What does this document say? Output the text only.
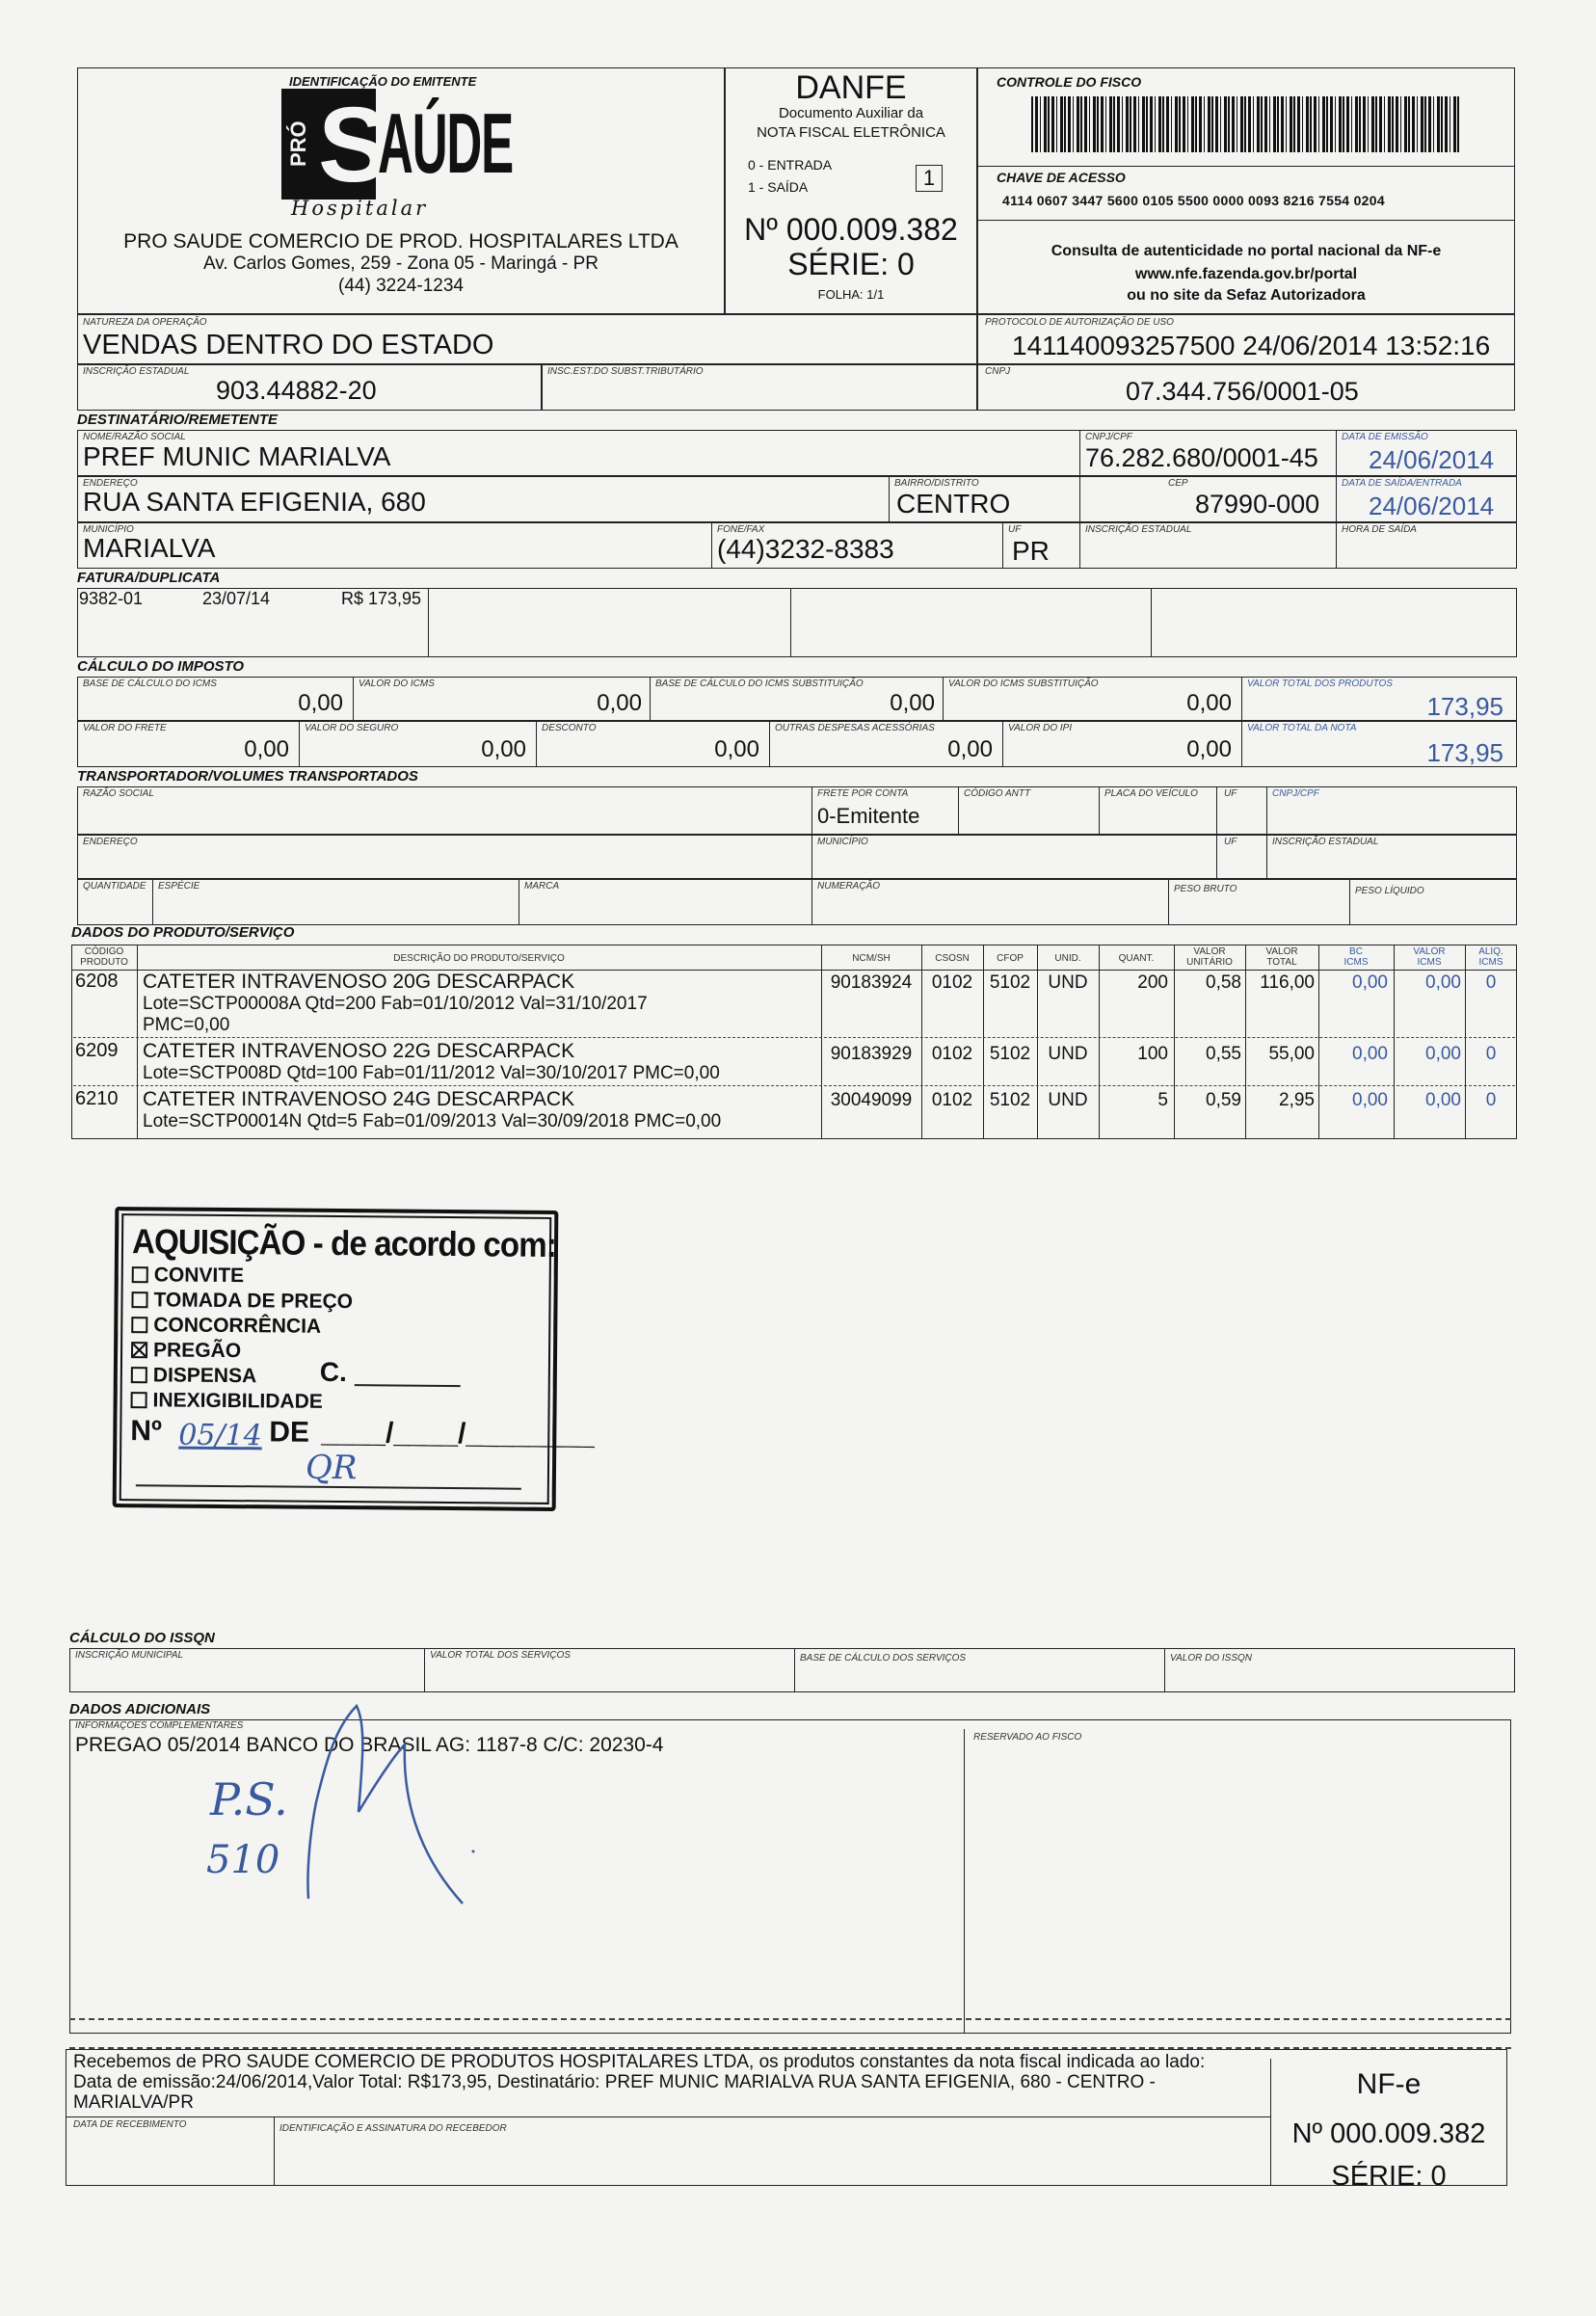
IDENTIFICAÇÃO DO EMITENTE
PRÓ S
AÚDE
Hospitalar
PRO SAUDE COMERCIO DE PROD. HOSPITALARES LTDA
Av. Carlos Gomes, 259 - Zona 05 - Maringá - PR
(44) 3224-1234
DANFE
Documento Auxiliar da
NOTA FISCAL ELETRÔNICA
0 - ENTRADA
1 - SAÍDA	1
Nº 000.009.382
SÉRIE: 0
FOLHA: 1/1
CONTROLE DO FISCO
CHAVE DE ACESSO
4114 0607 3447 5600 0105 5500 0000 0093 8216 7554 0204
Consulta de autenticidade no portal nacional da NF-e
www.nfe.fazenda.gov.br/portal
ou no site da Sefaz Autorizadora
NATUREZA DA OPERAÇÃO
VENDAS DENTRO DO ESTADO
PROTOCOLO DE AUTORIZAÇÃO DE USO
141140093257500 24/06/2014 13:52:16
INSCRIÇÃO ESTADUAL
903.44882-20
INSC.EST.DO SUBST.TRIBUTÁRIO	CNPJ
07.344.756/0001-05
DESTINATÁRIO/REMETENTE
NOME/RAZÃO SOCIAL
PREF MUNIC MARIALVA
CNPJ/CPF
76.282.680/0001-45
DATA DE EMISSÃO
24/06/2014
ENDEREÇO
RUA SANTA EFIGENIA, 680
BAIRRO/DISTRITO
CENTRO
CEP
87990-000
DATA DE SAÍDA/ENTRADA
24/06/2014
MUNICÍPIO
MARIALVA
FONE/FAX
(44)3232-8383
UF
PR
INSCRIÇÃO ESTADUAL	HORA DE SAÍDA
FATURA/DUPLICATA
9382-01	23/07/14	R$ 173,95
CÁLCULO DO IMPOSTO
BASE DE CÁLCULO DO ICMS
0,00
VALOR DO ICMS
0,00
BASE DE CÁLCULO DO ICMS SUBSTITUIÇÃO
0,00
VALOR DO ICMS SUBSTITUIÇÃO
0,00
VALOR TOTAL DOS PRODUTOS
173,95
VALOR DO FRETE
0,00
VALOR DO SEGURO
0,00
DESCONTO
0,00
OUTRAS DESPESAS ACESSÓRIAS
0,00
VALOR DO IPI
0,00
VALOR TOTAL DA NOTA
173,95
TRANSPORTADOR/VOLUMES TRANSPORTADOS
RAZÃO SOCIAL	FRETE POR CONTA
0-Emitente
CÓDIGO ANTT	PLACA DO VEÍCULO	UF	CNPJ/CPF
ENDEREÇO	MUNICÍPIO	UF	INSCRIÇÃO ESTADUAL
QUANTIDADE ESPÉCIE	MARCA	NUMERAÇÃO	PESO BRUTO	PESO LÍQUIDO
DADOS DO PRODUTO/SERVIÇO
CÓDIGO
PRODUTO	DESCRIÇÃO DO PRODUTO/SERVIÇO	NCM/SH	CSOSN	CFOP	UNID.	QUANT.
VALOR
UNITÁRIO
VALOR
TOTAL
BC
ICMS
VALOR
ICMS
ALIQ.
ICMS
6208 CATETER INTRAVENOSO 20G DESCARPACK
Lote=SCTP00008A Qtd=200 Fab=01/10/2012 Val=31/10/2017
PMC=0,00
90183924	0102 5102 UND	200	0,58	116,00	0,00	0,00	0
6209 CATETER INTRAVENOSO 22G DESCARPACK
Lote=SCTP008D Qtd=100 Fab=01/11/2012 Val=30/10/2017 PMC=0,00
90183929	0102 5102 UND	100	0,55	55,00	0,00	0,00	0
6210 CATETER INTRAVENOSO 24G DESCARPACK
Lote=SCTP00014N Qtd=5 Fab=01/09/2013 Val=30/09/2018 PMC=0,00
30049099	0102 5102 UND	5	0,59	2,95	0,00	0,00	0
AQUISIÇÃO - de acordo com:
CONVITE
TOMADA DE PREÇO
CONCORRÊNCIA
PREGÃO
DISPENSA C.
INEXIGIBILIDADE
Nº 05/14 DE ____/____/________
QR
CÁLCULO DO ISSQN
INSCRIÇÃO MUNICIPAL	VALOR TOTAL DOS SERVIÇOS	BASE DE CÁLCULO DOS SERVIÇOS	VALOR DO ISSQN
DADOS ADICIONAIS
INFORMAÇÕES COMPLEMENTARES
PREGAO 05/2014 BANCO DO BRASIL AG: 1187-8 C/C: 20230-4	RESERVADO AO FISCO
P.S.
510
Recebemos de PRO SAUDE COMERCIO DE PRODUTOS HOSPITALARES LTDA, os produtos constantes da nota fiscal indicada ao lado:
Data de emissão:24/06/2014,Valor Total: R$173,95, Destinatário: PREF MUNIC MARIALVA RUA SANTA EFIGENIA, 680 - CENTRO -
MARIALVA/PR
DATA DE RECEBIMENTO	IDENTIFICAÇÃO E ASSINATURA DO RECEBEDOR
NF-e
Nº 000.009.382
SÉRIE: 0
